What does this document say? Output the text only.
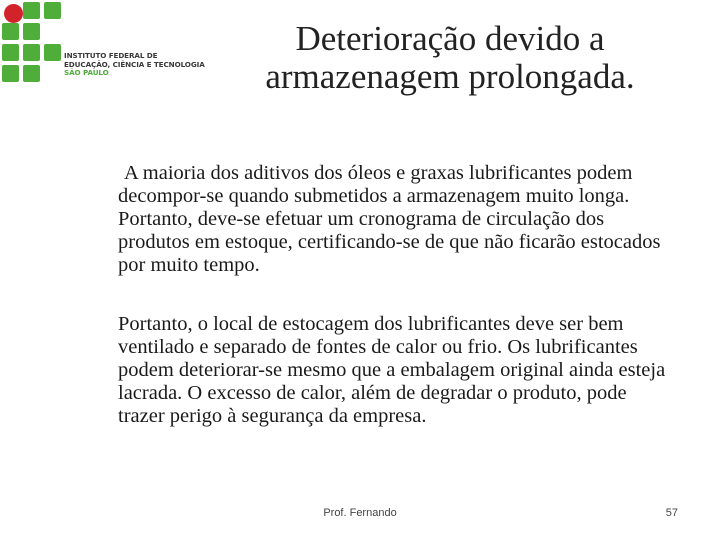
INSTITUTO FEDERAL DE
EDUCAÇÃO, CIÊNCIA E TECNOLOGIA
SÃO PAULO
Deterioração devido a
armazenagem prolongada.

A maioria dos aditivos dos óleos e graxas lubrificantes podem decompor-se quando submetidos a armazenagem muito longa. Portanto, deve-se efetuar um cronograma de circulação dos produtos em estoque, certificando-se de que não ficarão estocados por muito tempo.

Portanto, o local de estocagem dos lubrificantes deve ser bem ventilado e separado de fontes de calor ou frio. Os lubrificantes podem deteriorar-se mesmo que a embalagem original ainda esteja lacrada. O excesso de calor, além de degradar o produto, pode trazer perigo à segurança da empresa.

Prof. Fernando	57
